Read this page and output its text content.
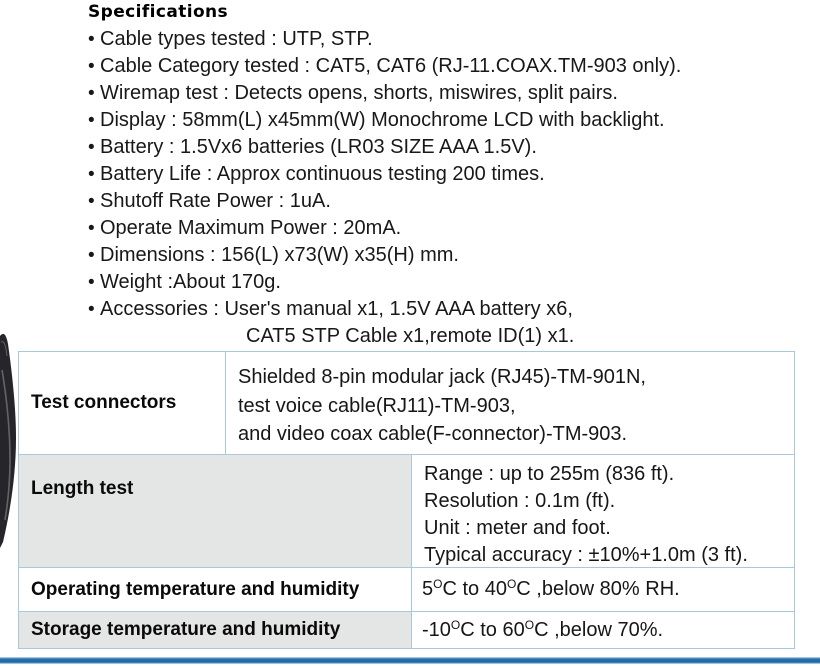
Specifications
• Cable types tested : UTP, STP.
• Cable Category tested : CAT5, CAT6 (RJ-11.COAX.TM-903 only).
• Wiremap test : Detects opens, shorts, miswires, split pairs.
• Display : 58mm(L) x45mm(W) Monochrome LCD with backlight.
• Battery : 1.5Vx6 batteries (LR03 SIZE AAA 1.5V).
• Battery Life : Approx continuous testing 200 times.
• Shutoff Rate Power : 1uA.
• Operate Maximum Power : 20mA.
• Dimensions : 156(L) x73(W) x35(H) mm.
• Weight :About 170g.
• Accessories : User's manual x1, 1.5V AAA battery x6,
CAT5 STP Cable x1,remote ID(1) x1.
Test connectors
Shielded 8-pin modular jack (RJ45)-TM-901N,
test voice cable(RJ11)-TM-903,
and video coax cable(F-connector)-TM-903.
Length test
Range : up to 255m (836 ft).
Resolution : 0.1m (ft).
Unit : meter and foot.
Typical accuracy : ±10%+1.0m (3 ft).
Operating temperature and humidity	$5^OC$ to $40^OC$ ,below 80% RH.
Storage temperature and humidity	$-10^OC$ to $60^OC$ ,below 70%.
